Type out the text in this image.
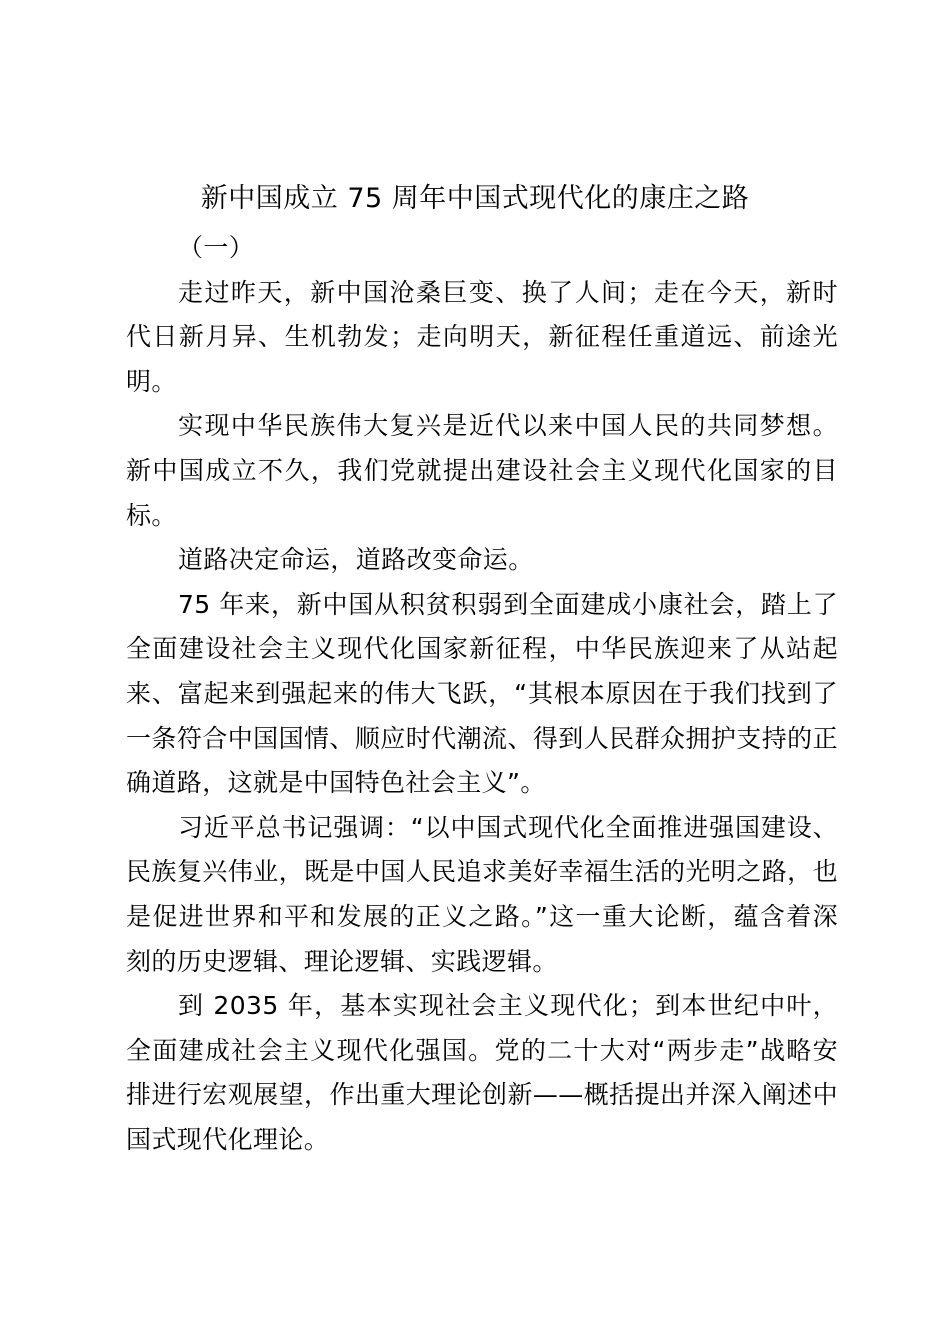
新中国成立 75 周年中国式现代化的康庄之路

（一）

走过昨天，新中国沧桑巨变、换了人间；走在今天，新时代日新月异、生机勃发；走向明天，新征程任重道远、前途光明。

实现中华民族伟大复兴是近代以来中国人民的共同梦想。新中国成立不久，我们党就提出建设社会主义现代化国家的目标。

道路决定命运，道路改变命运。

75 年来，新中国从积贫积弱到全面建成小康社会，踏上了全面建设社会主义现代化国家新征程，中华民族迎来了从站起来、富起来到强起来的伟大飞跃，“其根本原因在于我们找到了一条符合中国国情、顺应时代潮流、得到人民群众拥护支持的正确道路，这就是中国特色社会主义”。

习近平总书记强调：“以中国式现代化全面推进强国建设、民族复兴伟业，既是中国人民追求美好幸福生活的光明之路，也是促进世界和平和发展的正义之路。”这一重大论断，蕴含着深刻的历史逻辑、理论逻辑、实践逻辑。

到 2035 年，基本实现社会主义现代化；到本世纪中叶，全面建成社会主义现代化强国。党的二十大对“两步走”战略安排进行宏观展望，作出重大理论创新——概括提出并深入阐述中国式现代化理论。
